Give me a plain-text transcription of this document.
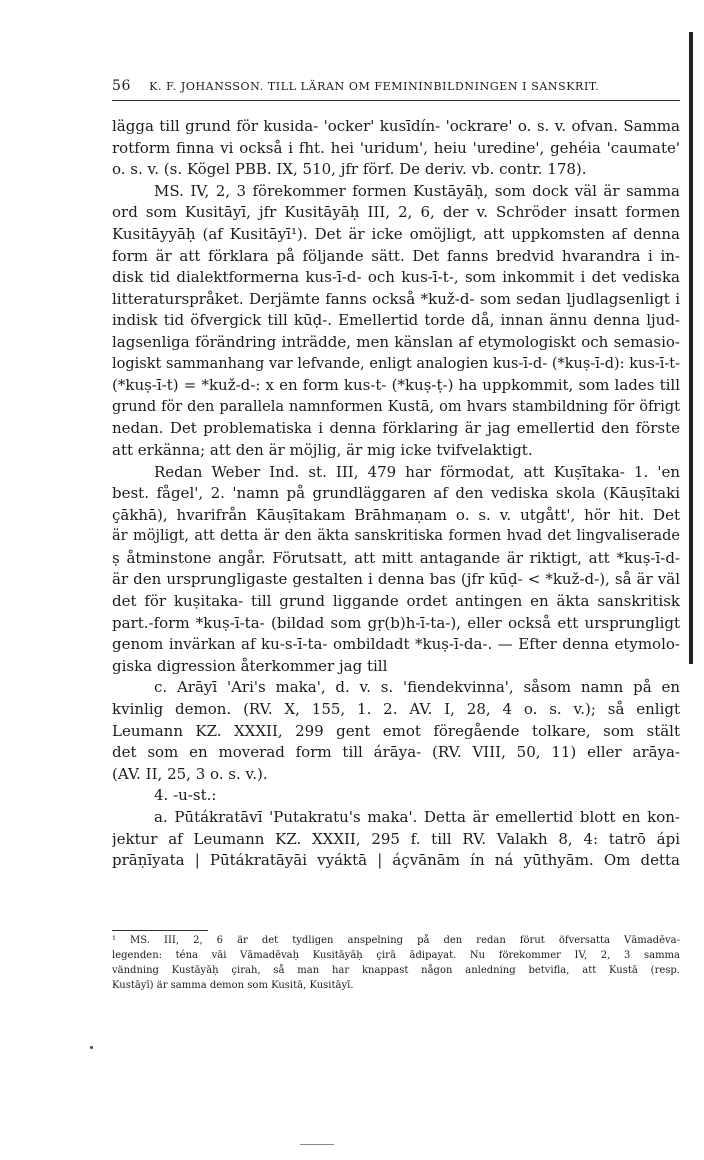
56 K. F. JOHANSSON. TILL LÄRAN OM FEMININBILDNINGEN I SANSKRIT.
lägga till grund för kusida- 'ocker' kusīdín- 'ockrare' o. s. v. ofvan. Samma
rotform finna vi också i fht. hei 'uridum', heiu 'uredine', gehéia 'caumate'
o. s. v. (s. Kögel PBB. IX, 510, jfr förf. De deriv. vb. contr. 178).
MS. IV, 2, 3 förekommer formen Kustāyāḥ, som dock väl är samma
ord som Kusitāyī, jfr Kusitāyāḥ III, 2, 6, der v. Schröder insatt formen
Kusitāyyāḥ (af Kusitāyī¹). Det är icke omöjligt, att uppkomsten af denna
form är att förklara på följande sätt. Det fanns bredvid hvarandra i in-
disk tid dialektformerna kus-ī-d- och kus-ī-t-, som inkommit i det vediska
litteraturspråket. Derjämte fanns också *kuž-d- som sedan ljudlagsenligt i
indisk tid öfvergick till kūḍ-. Emellertid torde då, innan ännu denna ljud-
lagsenliga förändring inträdde, men känslan af etymologiskt och semasio-
logiskt sammanhang var lefvande, enligt analogien kus-ī-d- (*kuṣ-ī-d): kus-ī-t-
(*kuṣ-ī-t) = *kuž-d-: x en form kus-t- (*kuṣ-ṭ-) ha uppkommit, som lades till
grund för den parallela namnformen Kustā, om hvars stambildning för öfrigt
nedan. Det problematiska i denna förklaring är jag emellertid den förste
att erkänna; att den är möjlig, är mig icke tvifvelaktigt.
Redan Weber Ind. st. III, 479 har förmodat, att Kuṣītaka- 1. 'en
best. fågel', 2. 'namn på grundläggaren af den vediska skola (Kāuṣītaki
çākhā), hvarifrån Kāuṣītakam Brāhmaṇam o. s. v. utgått', hör hit. Det
är möjligt, att detta är den äkta sanskritiska formen hvad det lingvaliserade
ṣ åtminstone angår. Förutsatt, att mitt antagande är riktigt, att *kuṣ-ī-d-
är den ursprungligaste gestalten i denna bas (jfr kūḍ- < *kuž-d-), så är väl
det för kuṣitaka- till grund liggande ordet antingen en äkta sanskritisk
part.-form *kuṣ-ī-ta- (bildad som gṛ(b)h-ī-ta-), eller också ett ursprungligt
genom invärkan af ku-s-ī-ta- ombildadt *kuṣ-ī-da-. — Efter denna etymolo-
giska digression återkommer jag till
c. Arāyī 'Ari's maka', d. v. s. 'fiendekvinna', såsom namn på en
kvinlig demon. (RV. X, 155, 1. 2. AV. I, 28, 4 o. s. v.); så enligt
Leumann KZ. XXXII, 299 gent emot föregående tolkare, som stält
det som en moverad form till árāya- (RV. VIII, 50, 11) eller arāya-
(AV. II, 25, 3 o. s. v.).
4. -u-st.:
a. Pūtákratāvī 'Putakratu's maka'. Detta är emellertid blott en kon-
jektur af Leumann KZ. XXXII, 295 f. till RV. Valakh 8, 4: tatrō ápi
prāṇīyata | Pūtákratāyāi vyáktā | áçvānām ín ná yūthyām. Om detta
¹ MS. III, 2, 6 är det tydligen anspelning på den redan förut öfversatta Vāmadēva-
legenden: téna vāi Vāmadēvaḥ Kusitāyāḥ çirā ādipayat. Nu förekommer IV, 2, 3 samma
vändning Kustāyāḥ çirah, så man har knappast någon anledning betvifla, att Kustā (resp.
Kustāyī) är samma demon som Kusitā, Kusitāyī.
